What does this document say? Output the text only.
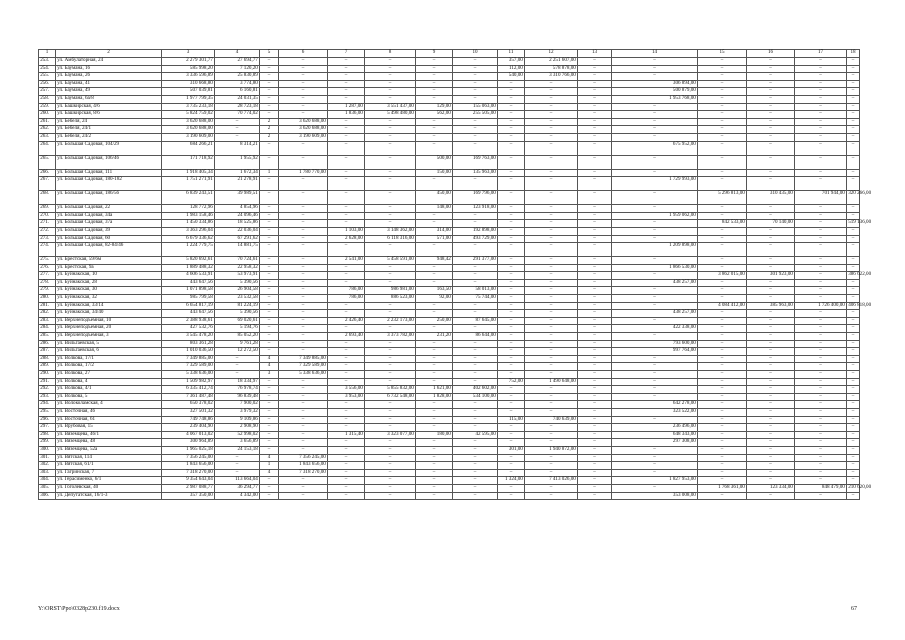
1	2	3	4	5	6	7	8	9	10	11	12	13	14	15	16	17	18
253.	ул. Амбулаторная, 24	2 279 301,77	27 694,77	–	–	–	–	–	–	357,00	2 251 607,00	–	–	–	–	–	–
254.	ул. Баумана, 16	585 998,20	7 120,20	–	–	–	–	–	–	112,00	578 878,00	–	–	–	–	–	–
255.	ул. Баумана, 26	3 336 596,89	25 830,89	–	–	–	–	–	–	540,00	3 310 766,00	–	–	–	–	–	–
256.	ул. Баумана, 41	310 668,80	3 774,80	–	–	–	–	–	–	–	–	–	306 894,00	–	–	–	–
257.	ул. Баумана, 49	507 039,81	6 160,81	–	–	–	–	–	–	–	–	–	500 879,00	–	–	–	–
258.	ул. Баумана, 6а/8	1 977 799,35	24 031,35	–	–	–	–	–	–	–	–	–	1 953 768,00	–	–	–	–
259.	ул. Башкирская, 4/6	3 735 233,18	28 723,18	–	–	1 287,00	3 551 437,00	129,00	155 063,00	–	–	–	–	–	–	–	–
260.	ул. Башкирская, 8/6	5 824 759,02	70 774,02	–	–	1 836,00	5 498 480,00	562,00	255 505,00	–	–	–	–	–	–	–	–
261.	ул. Бебеля, 24	3 620 688,00	–	2	3 620 688,00	–	–	–	–	–	–	–	–	–	–	–	–
262.	ул. Бебеля, 24/1	3 620 688,00	–	2	3 620 688,00	–	–	–	–	–	–	–	–	–	–	–	–
263.	ул. Бебеля, 24/2	3 190 609,00	–	2	3 190 609,00	–	–	–	–	–	–	–	–	–	–	–	–
264.	ул. Большая Садовая, 104/29	684 266,21	8 314,21	–	–	–	–	–	–	–	–	–	675 952,00	–	–	–	–
265.	ул. Большая Садовая, 106/46	171 718,92	1 955,92	–	–	–	–	500,00	169 763,00	–	–	–	–	–	–	–	–
266.	ул. Большая Садовая, 111	1 918 405,34	1 672,34	1	1 780 770,00	–	–	150,00	135 963,00	–	–	–	–	–	–	–	–
267.	ул. Большая Садовая, 180-182	1 751 271,91	21 278,91	–	–	–	–	–	–	–	–	–	1 729 993,00	–	–	–	–
268.	ул. Большая Садовая, 186/56	6 839 243,51	39 989,51	–	–	–	–	450,00	169 796,00	–	–	–	–	5 296 813,00	310 435,00	701 944,00	320 266,00
269.	ул. Большая Садовая, 22	128 772,96	4 854,96	–	–	–	–	148,00	123 918,00	–	–	–	–	–	–	–	–
270.	ул. Большая Садовая, 34а	1 983 158,46	24 096,46	–	–	–	–	–	–	–	–	–	1 959 062,00	–	–	–	–
271.	ул. Большая Садовая, 37а	1 450 334,86	18 525,86	–	–	–	–	–	–	–	–	–	–	842 533,00	70 140,00	–	519 136,00
272.	ул. Большая Садовая, 39	3 363 296,04	22 036,04	–	–	1 103,00	3 148 362,00	314,00	192 898,00	–	–	–	–	–	–	–	–
273.	ул. Большая Садовая, 60	6 679 336,62	67 291,62	–	–	2 628,00	6 118 316,00	571,00	493 729,00	–	–	–	–	–	–	–	–
274.	ул. Большая Садовая, 82-84/46	1 224 779,75	14 881,75	–	–	–	–	–	–	–	–	–	1 209 898,00	–	–	–	–
275.	ул. Брестская, 59/6м	5 820 692,61	70 724,61	–	–	2 541,00	5 458 591,00	948,42	291 377,00	–	–	–	–	–	–	–	–
276.	ул. Брестская, 9а	1 889 488,32	22 958,32	–	–	–	–	–	–	–	–	–	1 866 530,00	–	–	–	–
277.	ул. Буйнакская, 10	4 606 533,91	53 973,91	–	–	–	–	–	–	–	–	–	–	3 862 015,00	301 923,00	–	386 622,00
278.	ул. Буйнакская, 28	443 647,56	5 390,56	–	–	–	–	–	–	–	–	–	438 257,00	–	–	–	–
279.	ул. Буйнакская, 30	1 071 898,58	26 904,58	–	–	786,00	986 981,00	163,50	58 013,00	–	–	–	–	–	–	–	–
280.	ул. Буйнакская, 32	985 799,58	23 532,58	–	–	786,00	886 523,00	92,00	75 744,00	–	–	–	–	–	–	–	–
281.	ул. Буйнакская, 33/14	6 654 817,19	81 224,19	–	–	–	–	–	–	–	–	–	–	4 084 412,00	385 963,00	1 726 400,00	406 818,00
282.	ул. Буйнакская, 34/40	443 647,56	5 390,56	–	–	–	–	–	–	–	–	–	438 257,00	–	–	–	–
283.	ул. Верхнеподъемная, 10	2 388 938,61	69 020,61	–	–	2 426,40	2 232 173,00	250,00	87 645,00	–	–	–	–	–	–	–	–
284.	ул. Верхнеподъемная, 20	427 532,76	5 194,76	–	–	–	–	–	–	–	–	–	422 338,00	–	–	–	–
285.	ул. Верхнеподъемная, 3	3 545 478,20	85 052,20	–	–	2 693,40	3 373 782,00	231,20	86 644,00	–	–	–	–	–	–	–	–
286.	ул. Вильгаевская, 5	803 361,28	9 761,28	–	–	–	–	–	–	–	–	–	793 600,00	–	–	–	–
287.	ул. Вильгаевская, 6	1 010 036,50	12 272,50	–	–	–	–	–	–	–	–	–	997 764,00	–	–	–	–
288.	ул. Волкова, 17/1	7 349 885,00	–	4	7 349 885,00	–	–	–	–	–	–	–	–	–	–	–	–
289.	ул. Волкова, 17/2	7 329 589,00	–	4	7 329 589,00	–	–	–	–	–	–	–	–	–	–	–	–
290.	ул. Волкова, 27	5 338 636,00	–	3	5 338 636,00	–	–	–	–	–	–	–	–	–	–	–	–
291.	ул. Волкова, 4	1 509 982,97	18 334,97	–	–	–	–	–	–	752,00	1 490 648,00	–	–	–	–	–	–
292.	ул. Волкова, 4/1	6 335 412,74	76 978,74	–	–	3 556,00	5 855 832,00	1 621,00	402 602,00	–	–	–	–	–	–	–	–
293.	ул. Волкова, 5	7 361 487,48	96 839,48	–	–	3 953,00	6 732 548,00	1 828,00	534 100,00	–	–	–	–	–	–	–	–
294.	ул. Волоколамская, 4	650 378,02	7 900,02	–	–	–	–	–	–	–	–	–	642 278,00	–	–	–	–
295.	ул. Восточная, 46	327 501,32	3 979,32	–	–	–	–	–	–	–	–	–	323 522,00	–	–	–	–
296.	ул. Восточная, 61	749 748,86	9 109,86	–	–	–	–	–	–	115,00	740 639,00	–	–	–	–	–	–
297.	ул. Врубовая, 15	239 404,90	2 908,90	–	–	–	–	–	–	–	–	–	236 496,00	–	–	–	–
298.	ул. Вяземцева, 46/1	4 067 013,02	52 998,02	–	–	1 315,40	3 323 077,00	180,00	42 595,00	–	–	–	648 343,00	–	–	–	–
299.	ул. Вяземцева, 48	300 964,89	3 656,89	–	–	–	–	–	–	–	–	–	297 308,00	–	–	–	–
300.	ул. Вяземцева, 52а	1 965 025,18	24 153,18	–	–	–	–	–	–	301,00	1 940 872,00	–	–	–	–	–	–
301.	ул. Вятская, 114	7 356 245,00	–	4	7 356 245,00	–	–	–	–	–	–	–	–	–	–	–	–
302.	ул. Вятская, 61/1	1 843 656,00	–	1	1 843 656,00	–	–	–	–	–	–	–	–	–	–	–	–
303.	ул. Гагринская, 7	7 318 270,00	–	4	7 318 270,00	–	–	–	–	–	–	–	–	–	–	–	–
304.	ул. Герасименко, 6/1	9 354 643,04	113 664,04	–	–	–	–	–	–	1 324,00	7 413 026,00	–	1 827 953,00	–	–	–	–
305.	ул. Гоголевская, 40	2 987 088,77	36 294,77	–	–	–	–	–	–	–	–	–	–	1 768 361,00	123 334,00	848 479,00	210 620,00
306.	ул. Депутатская, 16/1-3	357 350,00	4 342,00	–	–	–	–	–	–	–	–	–	353 008,00	–	–	–	–
Y:\ORST\Ppo\0328p230.f19.docx	67
